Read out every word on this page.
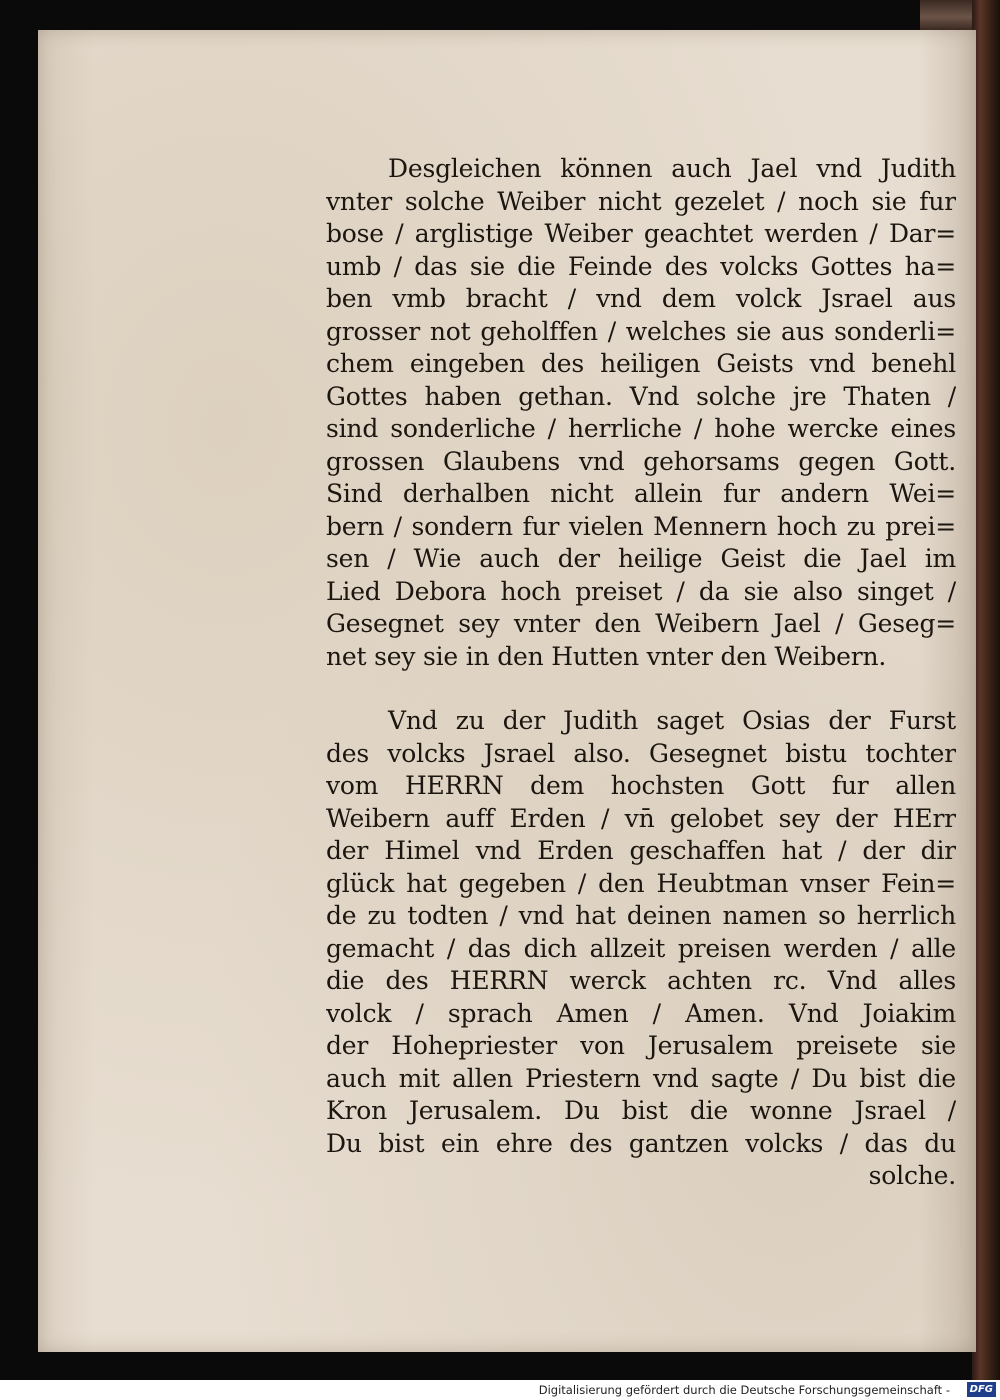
Desgleichen können auch Jael vnd Judith
vnter solche Weiber nicht gezelet / noch sie fur
bose / arglistige Weiber geachtet werden / Dar=
umb / das sie die Feinde des volcks Gottes ha=
ben vmb bracht / vnd dem volck Jsrael aus
grosser not geholffen / welches sie aus sonderli=
chem eingeben des heiligen Geists vnd benehl
Gottes haben gethan. Vnd solche jre Thaten /
sind sonderliche / herrliche / hohe wercke eines
grossen Glaubens vnd gehorsams gegen Gott.
Sind derhalben nicht allein fur andern Wei=
bern / sondern fur vielen Mennern hoch zu prei=
sen / Wie auch der heilige Geist die Jael im
Lied Debora hoch preiset / da sie also singet /
Gesegnet sey vnter den Weibern Jael / Geseg=
net sey sie in den Hutten vnter den Weibern.
Vnd zu der Judith saget Osias der Furst
des volcks Jsrael also. Gesegnet bistu tochter
vom HERRN dem hochsten Gott fur allen
Weibern auff Erden / vn̄ gelobet sey der HErr
der Himel vnd Erden geschaffen hat / der dir
glück hat gegeben / den Heubtman vnser Fein=
de zu todten / vnd hat deinen namen so herrlich
gemacht / das dich allzeit preisen werden / alle
die des HERRN werck achten rc. Vnd alles
volck / sprach Amen / Amen. Vnd Joiakim
der Hohepriester von Jerusalem preisete sie
auch mit allen Priestern vnd sagte / Du bist die
Kron Jerusalem. Du bist die wonne Jsrael /
Du bist ein ehre des gantzen volcks / das du
solche.
Digitalisierung gefördert durch die Deutsche Forschungsgemeinschaft -	DFG
